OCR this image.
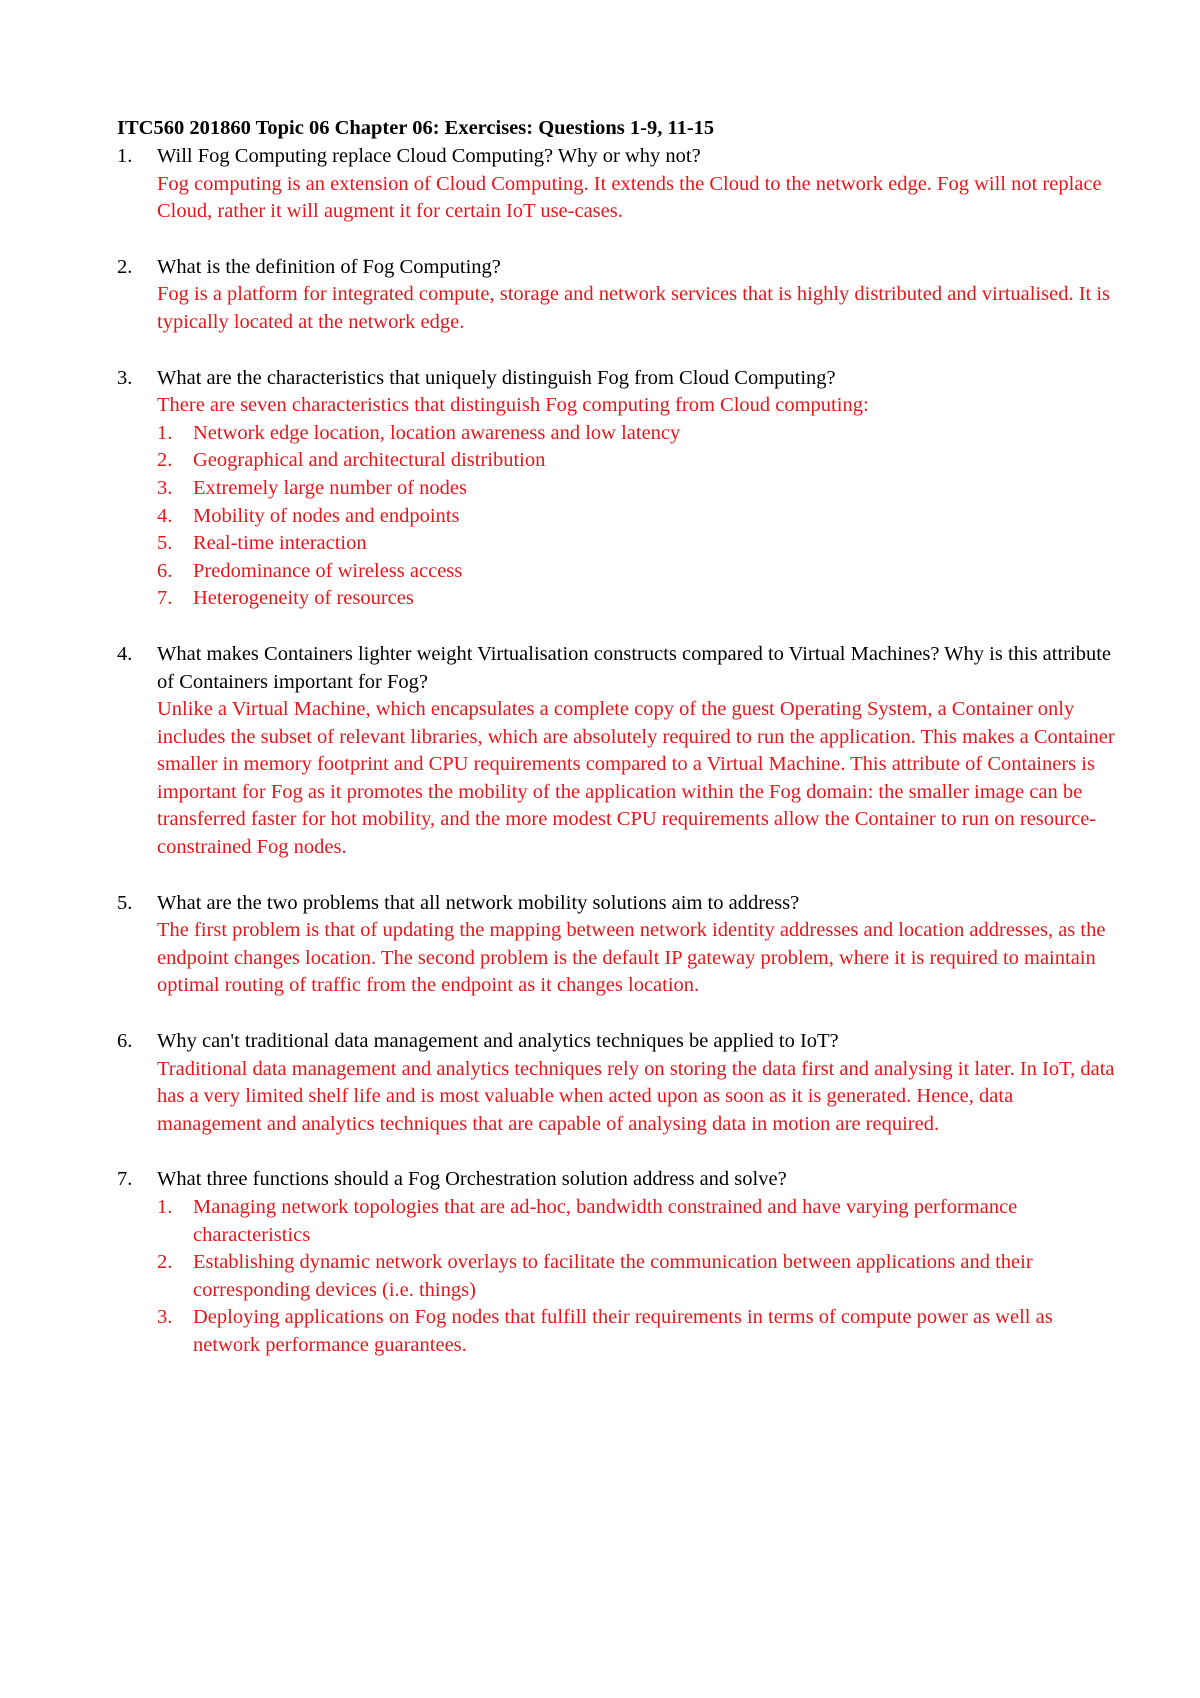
ITC560 201860 Topic 06 Chapter 06: Exercises: Questions 1-9, 11-15
1. Will Fog Computing replace Cloud Computing? Why or why not?
Fog computing is an extension of Cloud Computing. It extends the Cloud to the network edge. Fog will not replace Cloud, rather it will augment it for certain IoT use-cases.
2. What is the definition of Fog Computing?
Fog is a platform for integrated compute, storage and network services that is highly distributed and virtualised. It is typically located at the network edge.
3. What are the characteristics that uniquely distinguish Fog from Cloud Computing?
There are seven characteristics that distinguish Fog computing from Cloud computing:
1. Network edge location, location awareness and low latency
2. Geographical and architectural distribution
3. Extremely large number of nodes
4. Mobility of nodes and endpoints
5. Real-time interaction
6. Predominance of wireless access
7. Heterogeneity of resources
4. What makes Containers lighter weight Virtualisation constructs compared to Virtual Machines? Why is this attribute of Containers important for Fog?
Unlike a Virtual Machine, which encapsulates a complete copy of the guest Operating System, a Container only includes the subset of relevant libraries, which are absolutely required to run the application. This makes a Container smaller in memory footprint and CPU requirements compared to a Virtual Machine. This attribute of Containers is important for Fog as it promotes the mobility of the application within the Fog domain: the smaller image can be transferred faster for hot mobility, and the more modest CPU requirements allow the Container to run on resource-constrained Fog nodes.
5. What are the two problems that all network mobility solutions aim to address?
The first problem is that of updating the mapping between network identity addresses and location addresses, as the endpoint changes location. The second problem is the default IP gateway problem, where it is required to maintain optimal routing of traffic from the endpoint as it changes location.
6. Why can't traditional data management and analytics techniques be applied to IoT?
Traditional data management and analytics techniques rely on storing the data first and analysing it later. In IoT, data has a very limited shelf life and is most valuable when acted upon as soon as it is generated. Hence, data management and analytics techniques that are capable of analysing data in motion are required.
7. What three functions should a Fog Orchestration solution address and solve?
1. Managing network topologies that are ad-hoc, bandwidth constrained and have varying performance characteristics
2. Establishing dynamic network overlays to facilitate the communication between applications and their corresponding devices (i.e. things)
3. Deploying applications on Fog nodes that fulfill their requirements in terms of compute power as well as network performance guarantees.
